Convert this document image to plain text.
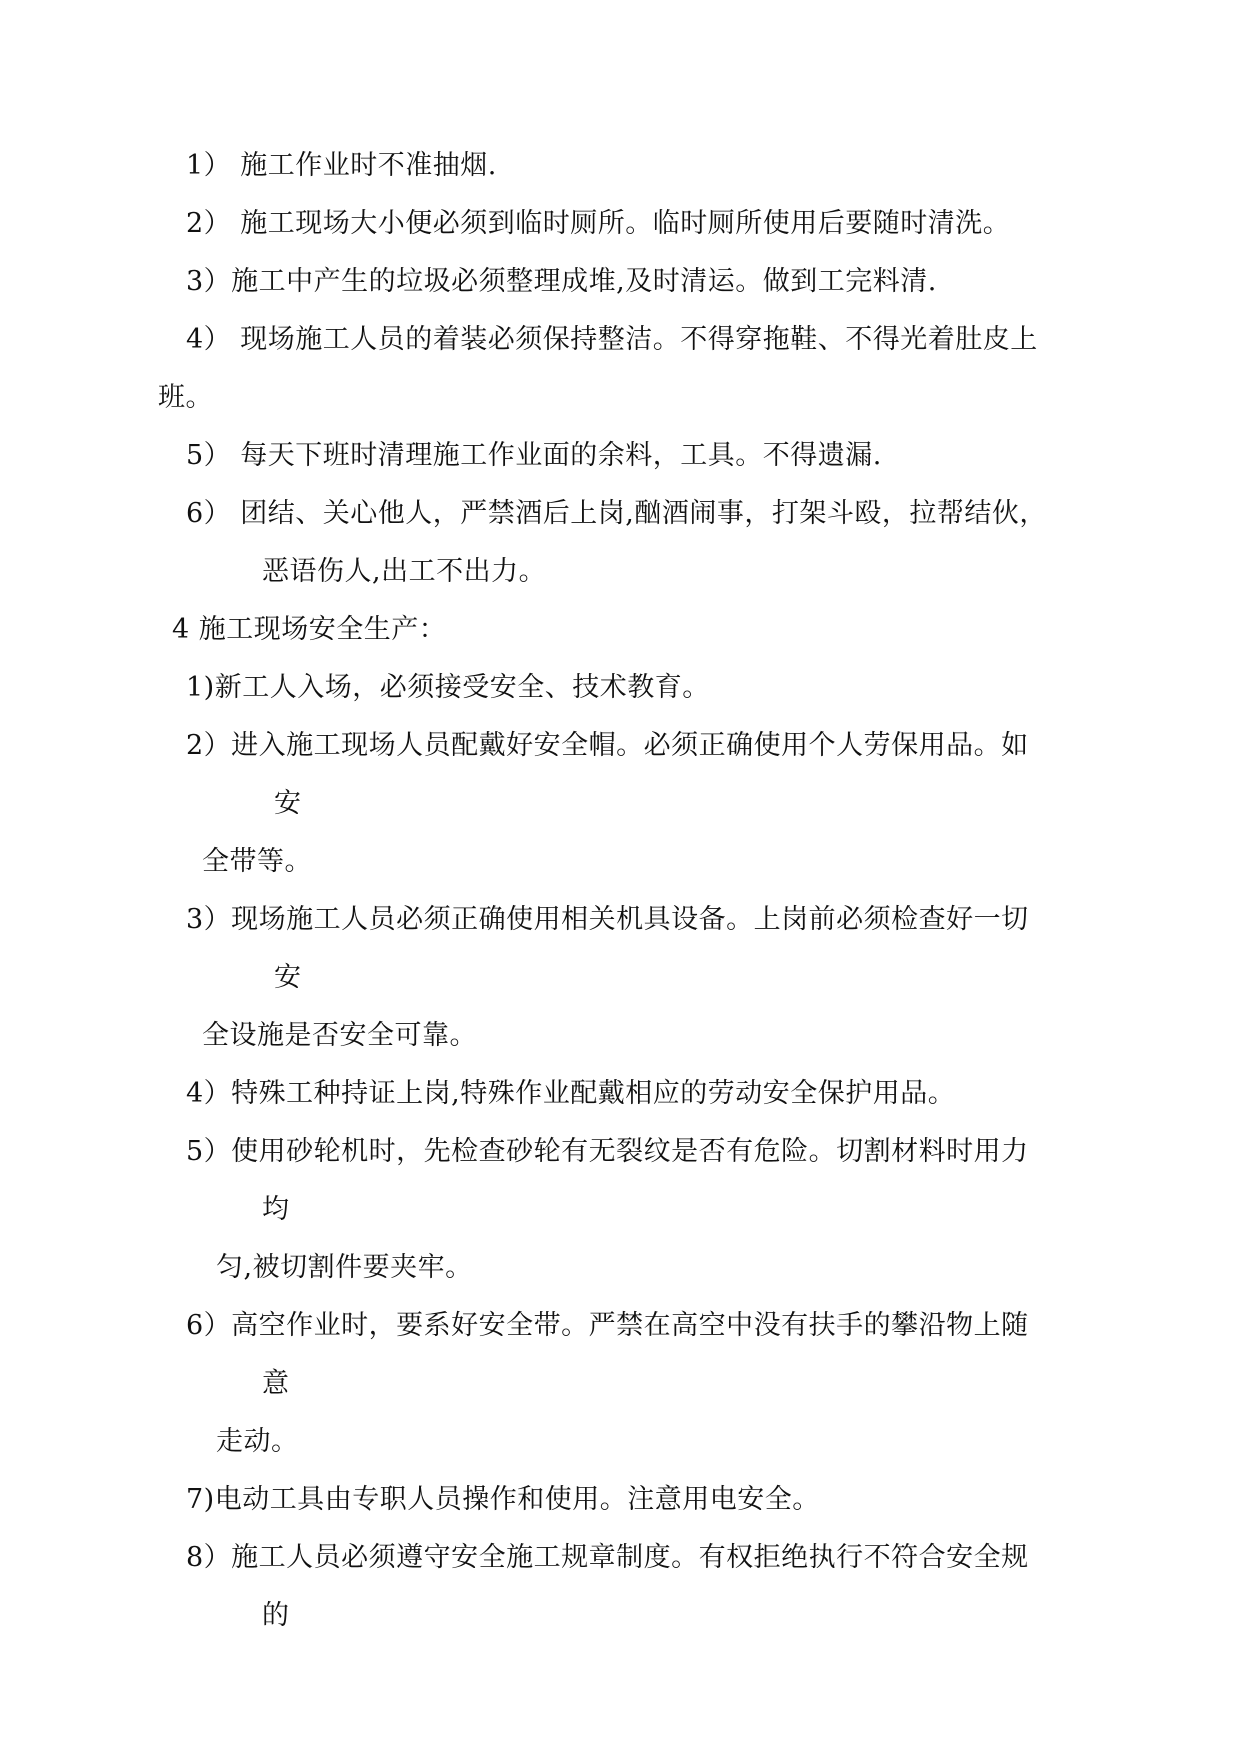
1） 施工作业时不准抽烟.
2） 施工现场大小便必须到临时厕所。临时厕所使用后要随时清洗。
3）施工中产生的垃圾必须整理成堆,及时清运。做到工完料清.
4） 现场施工人员的着装必须保持整洁。不得穿拖鞋、不得光着肚皮上
班。
5） 每天下班时清理施工作业面的余料，工具。不得遗漏.
6） 团结、关心他人，严禁酒后上岗,酗酒闹事，打架斗殴，拉帮结伙，
恶语伤人,出工不出力。
4 施工现场安全生产：
1)新工人入场，必须接受安全、技术教育。
2）进入施工现场人员配戴好安全帽。必须正确使用个人劳保用品。如
安
全带等。
3）现场施工人员必须正确使用相关机具设备。上岗前必须检查好一切
安
全设施是否安全可靠。
4）特殊工种持证上岗,特殊作业配戴相应的劳动安全保护用品。
5）使用砂轮机时，先检查砂轮有无裂纹是否有危险。切割材料时用力
均
匀,被切割件要夹牢。
6）高空作业时，要系好安全带。严禁在高空中没有扶手的攀沿物上随
意
走动。
7)电动工具由专职人员操作和使用。注意用电安全。
8）施工人员必须遵守安全施工规章制度。有权拒绝执行不符合安全规
的
